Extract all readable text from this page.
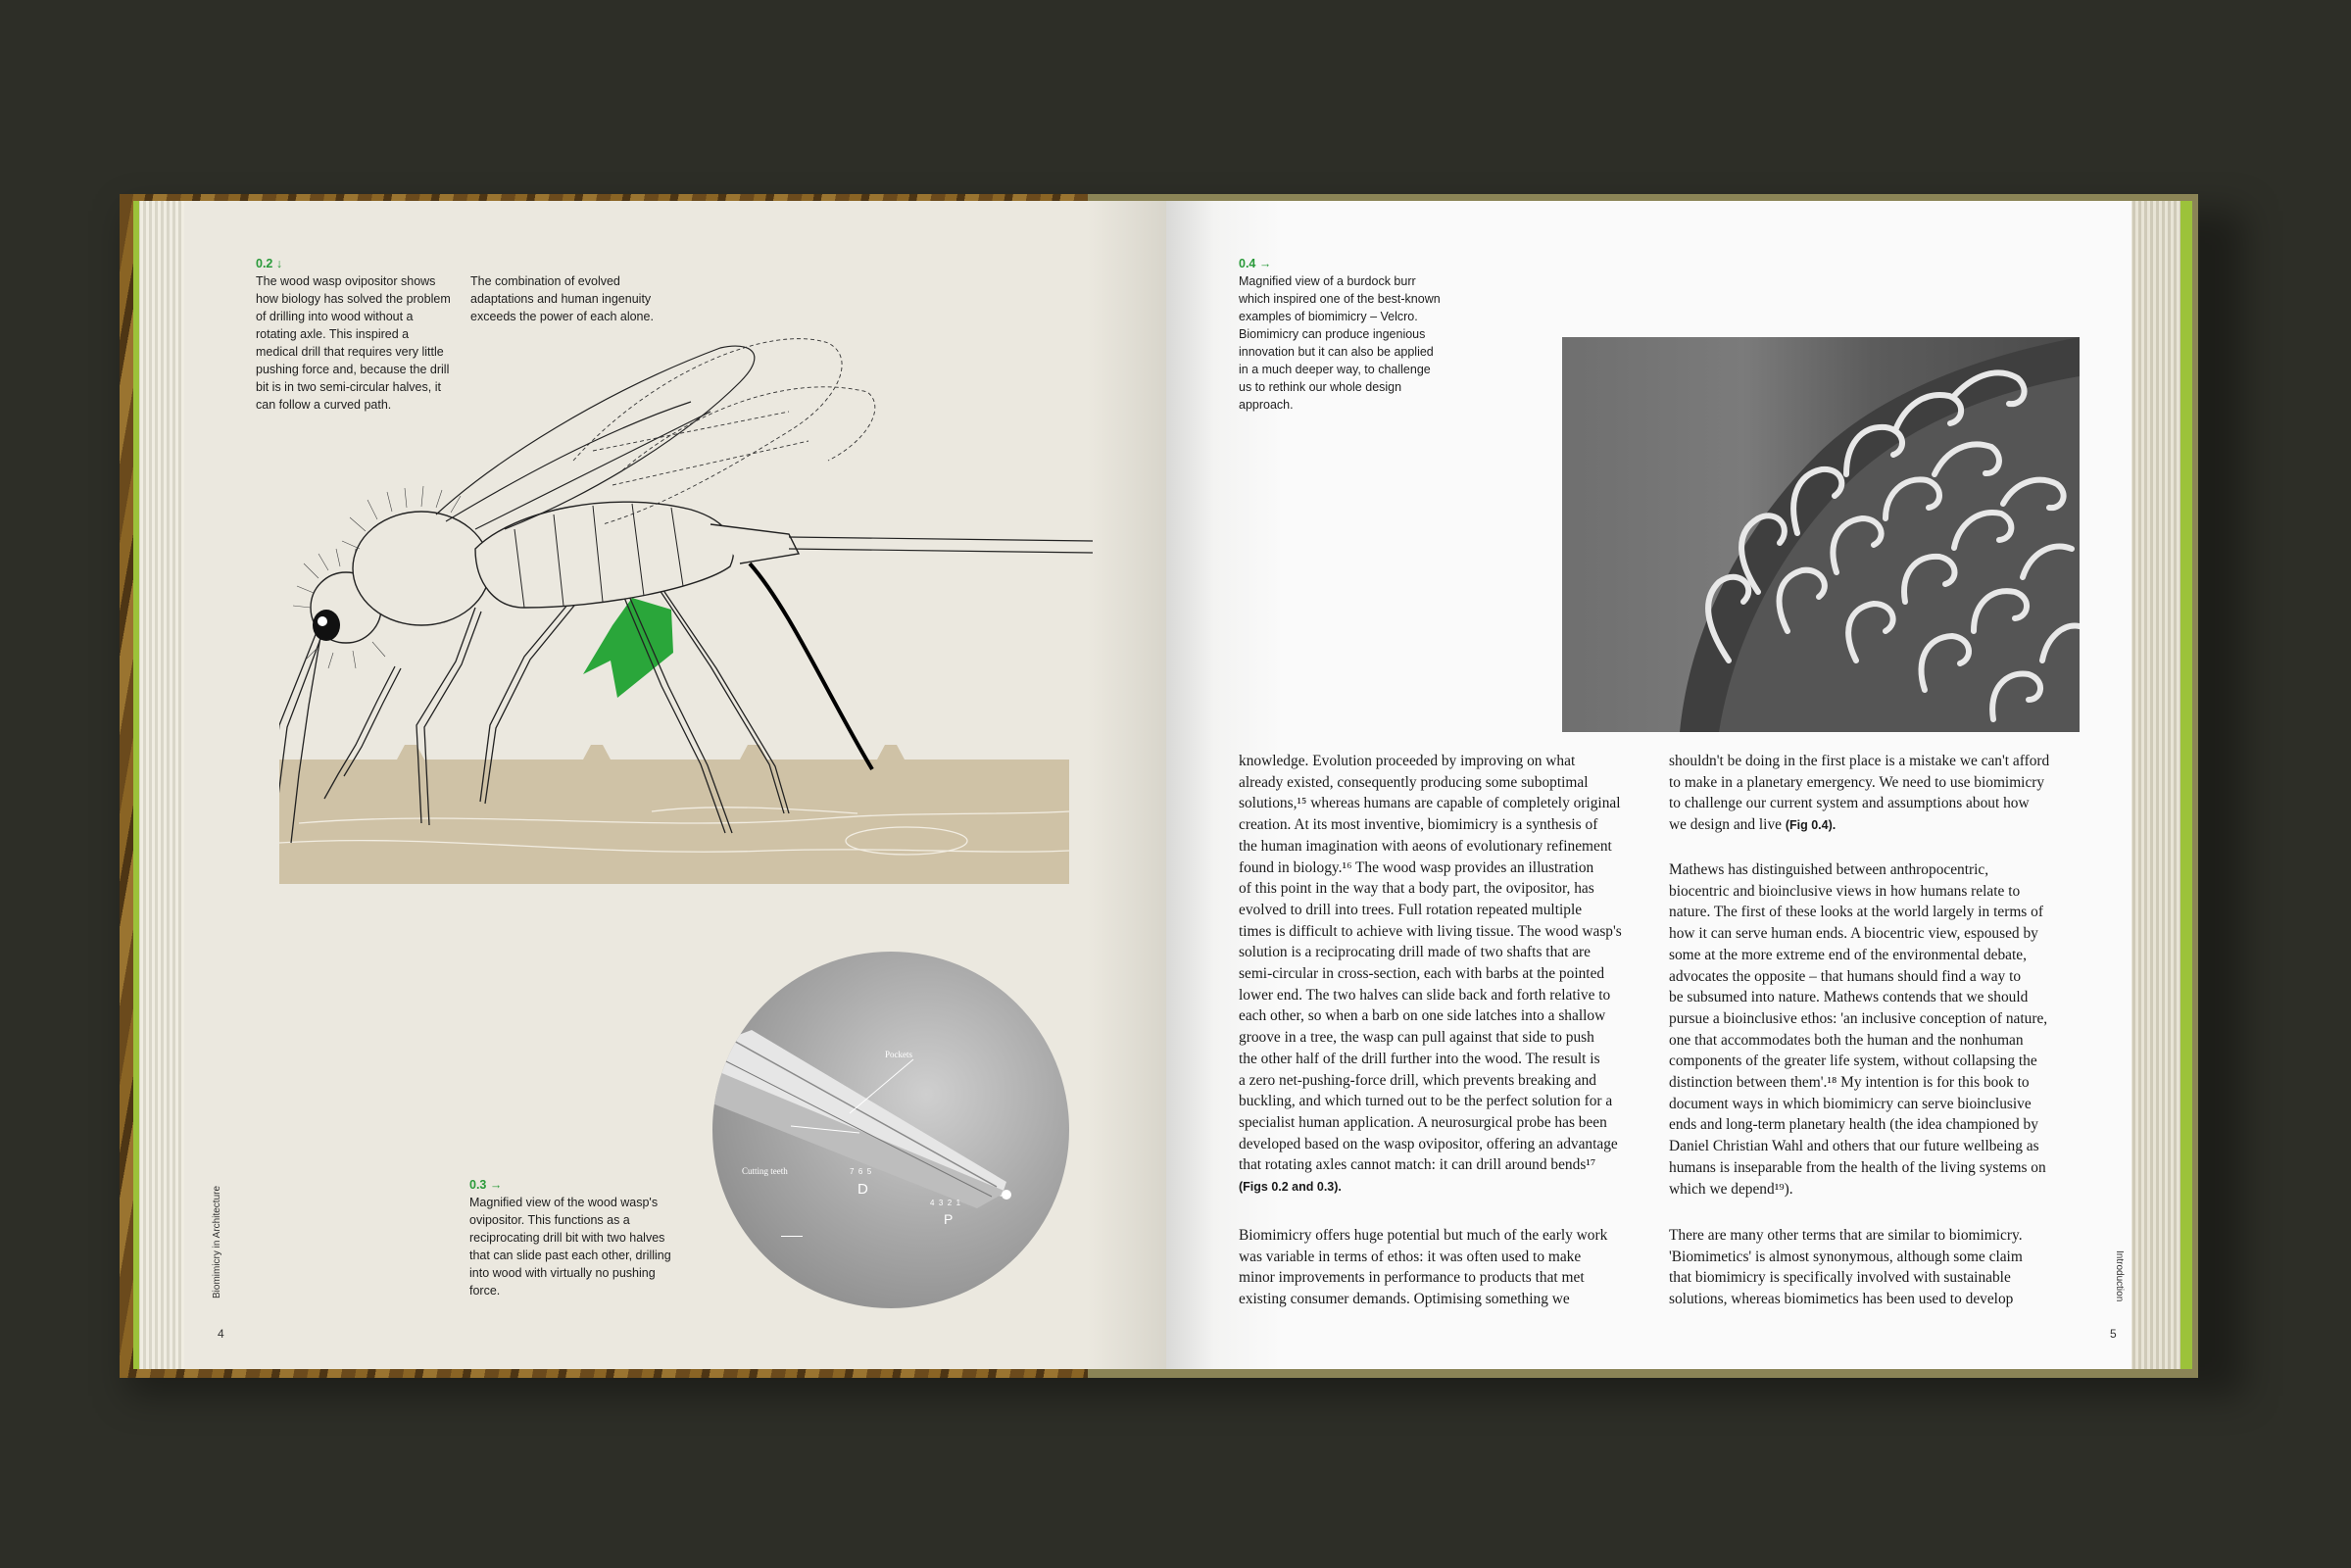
0.2 ↓
The wood wasp ovipositor shows how biology has solved the problem of drilling into wood without a rotating axle. This inspired a medical drill that requires very little pushing force and, because the drill bit is in two semi-circular halves, it can follow a curved path.
The combination of evolved adaptations and human ingenuity exceeds the power of each alone.
Pockets
Cutting teeth
D
P
7  6  5
4  3  2  1
0.3 →
Magnified view of the wood wasp's ovipositor. This functions as a reciprocating drill bit with two halves that can slide past each other, drilling into wood with virtually no pushing force.
Biomimicry in Architecture
4
0.4 →
Magnified view of a burdock burr which inspired one of the best-known examples of biomimicry – Velcro. Biomimicry can produce ingenious innovation but it can also be applied in a much deeper way, to challenge us to rethink our whole design approach.
knowledge. Evolution proceeded by improving on what
already existed, consequently producing some suboptimal
solutions,¹⁵ whereas humans are capable of completely original
creation. At its most inventive, biomimicry is a synthesis of
the human imagination with aeons of evolutionary refinement
found in biology.¹⁶ The wood wasp provides an illustration
of this point in the way that a body part, the ovipositor, has
evolved to drill into trees. Full rotation repeated multiple
times is difficult to achieve with living tissue. The wood wasp's
solution is a reciprocating drill made of two shafts that are
semi-circular in cross-section, each with barbs at the pointed
lower end. The two halves can slide back and forth relative to
each other, so when a barb on one side latches into a shallow
groove in a tree, the wasp can pull against that side to push
the other half of the drill further into the wood. The result is
a zero net-pushing-force drill, which prevents breaking and
buckling, and which turned out to be the perfect solution for a
specialist human application. A neurosurgical probe has been
developed based on the wasp ovipositor, offering an advantage
that rotating axles cannot match: it can drill around bends¹⁷
(Figs 0.2 and 0.3).
Biomimicry offers huge potential but much of the early work
was variable in terms of ethos: it was often used to make
minor improvements in performance to products that met
existing consumer demands. Optimising something we
shouldn't be doing in the first place is a mistake we can't afford
to make in a planetary emergency. We need to use biomimicry
to challenge our current system and assumptions about how
we design and live (Fig 0.4).
Mathews has distinguished between anthropocentric,
biocentric and bioinclusive views in how humans relate to
nature. The first of these looks at the world largely in terms of
how it can serve human ends. A biocentric view, espoused by
some at the more extreme end of the environmental debate,
advocates the opposite – that humans should find a way to
be subsumed into nature. Mathews contends that we should
pursue a bioinclusive ethos: 'an inclusive conception of nature,
one that accommodates both the human and the nonhuman
components of the greater life system, without collapsing the
distinction between them'.¹⁸ My intention is for this book to
document ways in which biomimicry can serve bioinclusive
ends and long-term planetary health (the idea championed by
Daniel Christian Wahl and others that our future wellbeing as
humans is inseparable from the health of the living systems on
which we depend¹⁹).
There are many other terms that are similar to biomimicry.
'Biomimetics' is almost synonymous, although some claim
that biomimicry is specifically involved with sustainable
solutions, whereas biomimetics has been used to develop	Introduction
5
